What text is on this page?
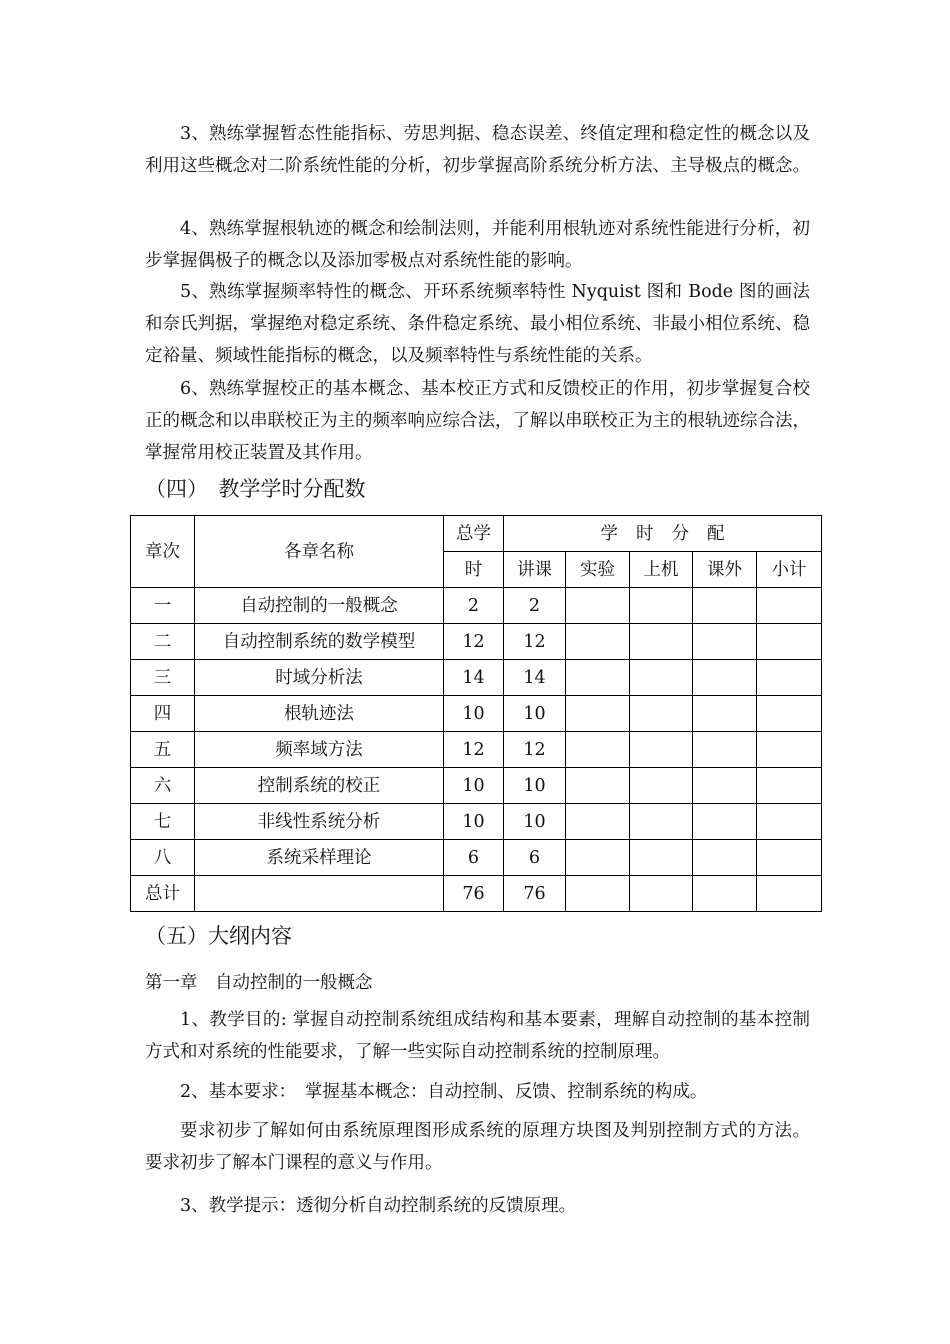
3、熟练掌握暂态性能指标、劳思判据、稳态误差、终值定理和稳定性的概念以及利用这些概念对二阶系统性能的分析，初步掌握高阶系统分析方法、主导极点的概念。

4、熟练掌握根轨迹的概念和绘制法则，并能利用根轨迹对系统性能进行分析，初步掌握偶极子的概念以及添加零极点对系统性能的影响。

5、熟练掌握频率特性的概念、开环系统频率特性 Nyquist 图和 Bode 图的画法和奈氏判据，掌握绝对稳定系统、条件稳定系统、最小相位系统、非最小相位系统、稳定裕量、频域性能指标的概念，以及频率特性与系统性能的关系。

6、熟练掌握校正的基本概念、基本校正方式和反馈校正的作用，初步掌握复合校正的概念和以串联校正为主的频率响应综合法，了解以串联校正为主的根轨迹综合法，掌握常用校正装置及其作用。

（四）　教学学时分配数

章次	各章名称	总学	学时分配				
		时	讲课	实验	上机	课外	小计
一	自动控制的一般概念	2	2				
二	自动控制系统的数学模型	12	12				
三	时域分析法	14	14				
四	根轨迹法	10	10				
五	频率域方法	12	12				
六	控制系统的校正	10	10				
七	非线性系统分析	10	10				
八	系统采样理论	6	6				
总计		76	76				

（五）大纲内容

第一章　自动控制的一般概念

1、教学目的: 掌握自动控制系统组成结构和基本要素，理解自动控制的基本控制方式和对系统的性能要求，了解一些实际自动控制系统的控制原理。

2、基本要求：　掌握基本概念：自动控制、反馈、控制系统的构成。

要求初步了解如何由系统原理图形成系统的原理方块图及判别控制方式的方法。 要求初步了解本门课程的意义与作用。

3、教学提示：透彻分析自动控制系统的反馈原理。
